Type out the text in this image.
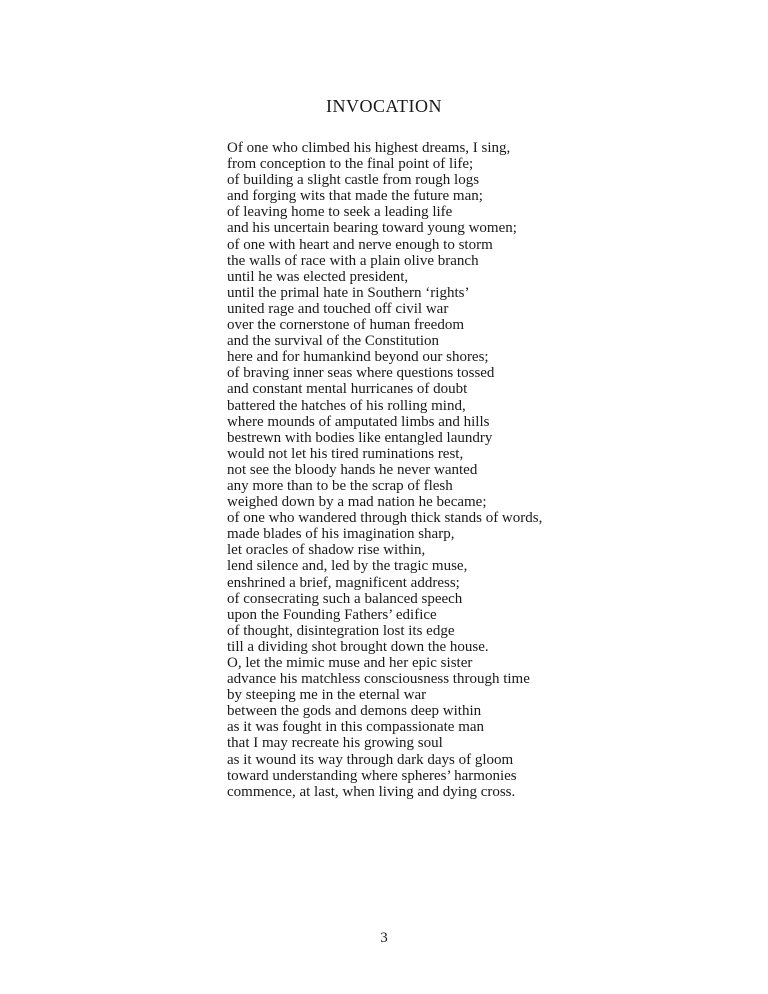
INVOCATION
Of one who climbed his highest dreams, I sing,
from conception to the final point of life;
of building a slight castle from rough logs
and forging wits that made the future man;
of leaving home to seek a leading life
and his uncertain bearing toward young women;
of one with heart and nerve enough to storm
the walls of race with a plain olive branch
until he was elected president,
until the primal hate in Southern ‘rights’
united rage and touched off civil war
over the cornerstone of human freedom
and the survival of the Constitution
here and for humankind beyond our shores;
of braving inner seas where questions tossed
and constant mental hurricanes of doubt
battered the hatches of his rolling mind,
where mounds of amputated limbs and hills
bestrewn with bodies like entangled laundry
would not let his tired ruminations rest,
not see the bloody hands he never wanted
any more than to be the scrap of flesh
weighed down by a mad nation he became;
of one who wandered through thick stands of words,
made blades of his imagination sharp,
let oracles of shadow rise within,
lend silence and, led by the tragic muse,
enshrined a brief, magnificent address;
of consecrating such a balanced speech
upon the Founding Fathers’ edifice
of thought, disintegration lost its edge
till a dividing shot brought down the house.
O, let the mimic muse and her epic sister
advance his matchless consciousness through time
by steeping me in the eternal war
between the gods and demons deep within
as it was fought in this compassionate man
that I may recreate his growing soul
as it wound its way through dark days of gloom
toward understanding where spheres’ harmonies
commence, at last, when living and dying cross.
3
